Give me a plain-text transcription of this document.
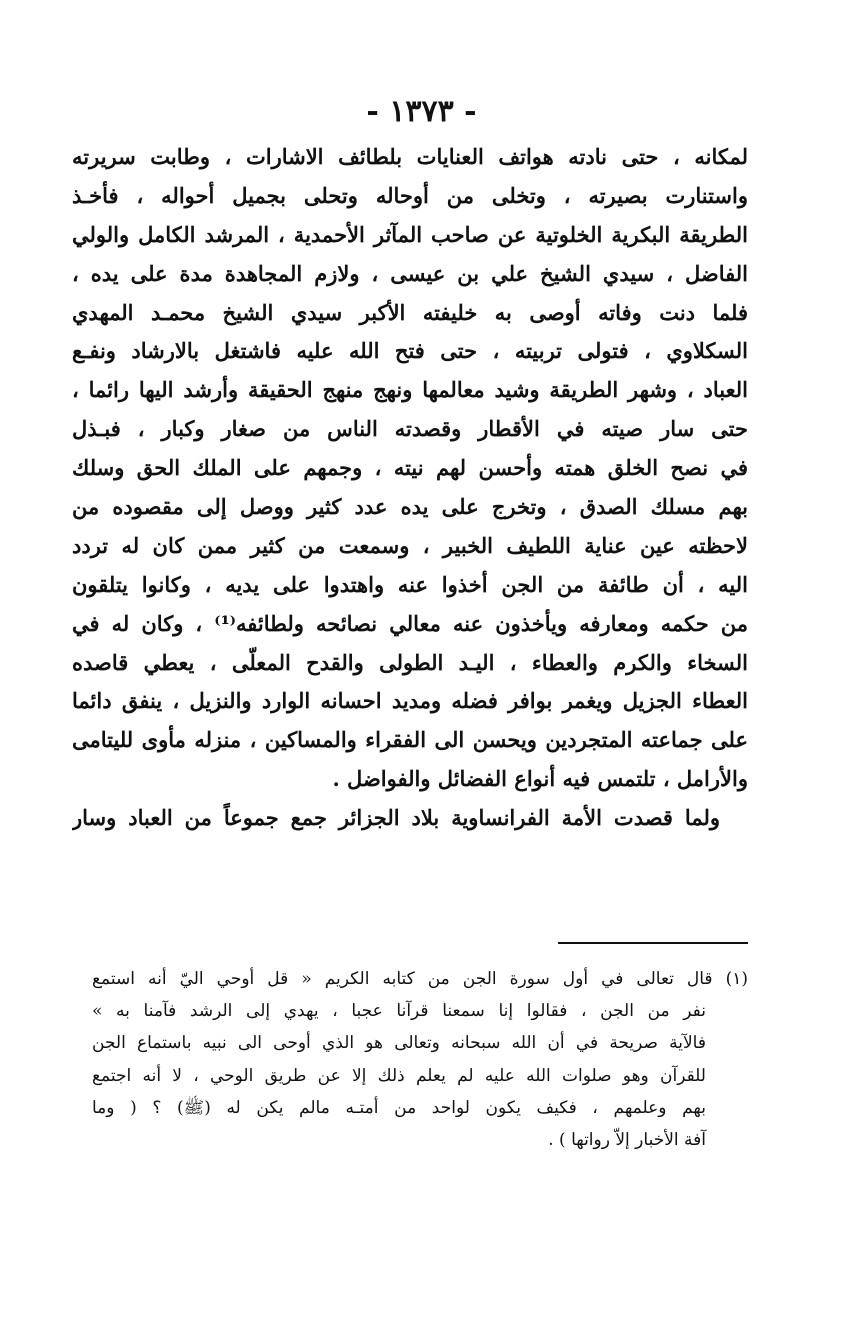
- ١٣٧٣ -
لمكانه ، حتى نادته هواتف العنايات بلطائف الاشارات ، وطابت سريرته
واستنارت بصيرته ، وتخلى من أوحاله وتحلى بجميل أحواله ، فأخـذ
الطريقة البكرية الخلوتية عن صاحب المآثر الأحمدية ، المرشد الكامل والولي
الفاضل ، سيدي الشيخ علي بن عيسى ، ولازم المجاهدة مدة على يده ،
فلما دنت وفاته أوصى به خليفته الأكبر سيدي الشيخ محمـد المهدي
السكلاوي ، فتولى تربيته ، حتى فتح الله عليه فاشتغل بالارشاد ونفـع
العباد ، وشهر الطريقة وشيد معالمها ونهج منهج الحقيقة وأرشد اليها رائما ،
حتى سار صيته في الأقطار وقصدته الناس من صغار وكبار ، فبـذل
في نصح الخلق همته وأحسن لهم نيته ، وجمهم على الملك الحق وسلك
بهم مسلك الصدق ، وتخرج على يده عدد كثير ووصل إلى مقصوده من
لاحظته عين عناية اللطيف الخبير ، وسمعت من كثير ممن كان له تردد
اليه ، أن طائفة من الجن أخذوا عنه واهتدوا على يديه ، وكانوا يتلقون
من حكمه ومعارفه ويأخذون عنه معالي نصائحه ولطائفه⁽¹⁾ ، وكان له في
السخاء والكرم والعطاء ، اليـد الطولى والقدح المعلّى ، يعطي قاصده
العطاء الجزيل ويغمر بوافر فضله ومديد احسانه الوارد والنزيل ، ينفق دائما
على جماعته المتجردين ويحسن الى الفقراء والمساكين ، منزله مأوى لليتامى
والأرامل ، تلتمس فيه أنواع الفضائل والفواضل .
ولما قصدت الأمة الفرانساوية بلاد الجزائر جمع جموعاً من العباد وسار
(١) قال تعالى في أول سورة الجن من كتابه الكريم « قل أوحي اليّ أنه استمع
نفر من الجن ، فقالوا إنا سمعنا قرآنا عجبا ، يهدي إلى الرشد فآمنا به »
فالآية صريحة في أن الله سبحانه وتعالى هو الذي أوحى الى نبيه باستماع الجن
للقرآن وهو صلوات الله عليه لم يعلم ذلك إلا عن طريق الوحي ، لا أنه اجتمع
بهم وعلمهم ، فكيف يكون لواحد من أمتـه مالم يكن له (ﷺ) ؟ ( وما
آفة الأخبار إلاّ رواتها ) .
